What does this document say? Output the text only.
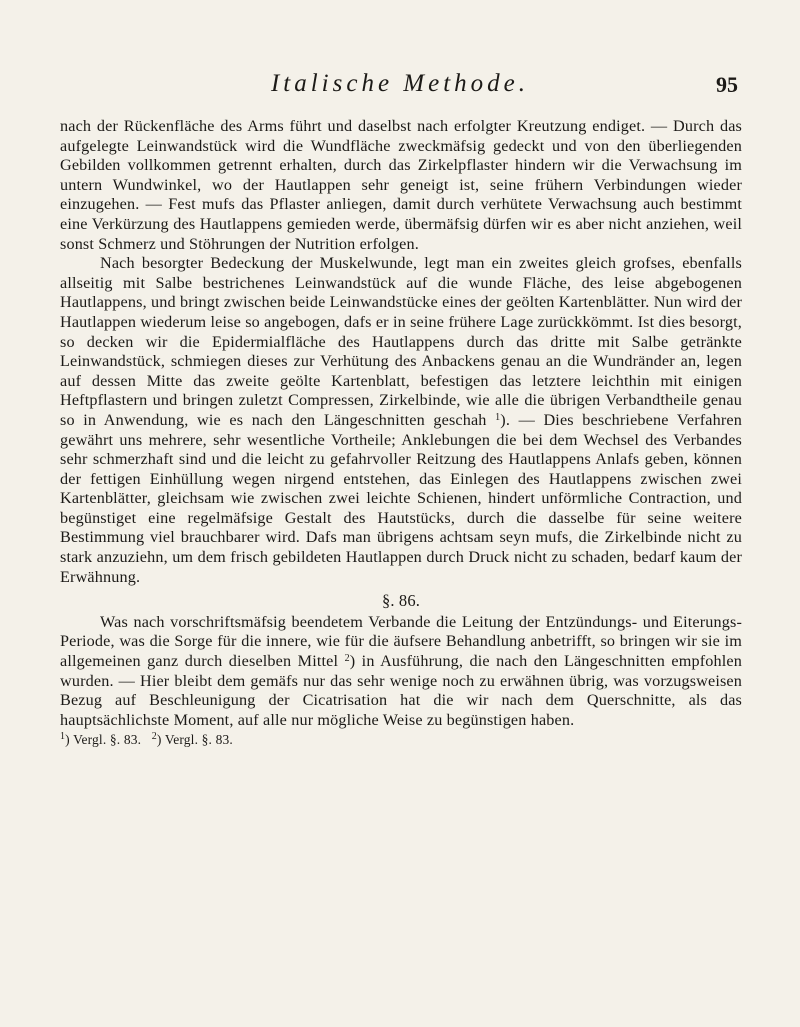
Italische Methode.	95

nach der Rückenfläche des Arms führt und daselbst nach erfolgter Kreutzung endiget. — Durch das aufgelegte Leinwandstück wird die Wundfläche zweckmäfsig gedeckt und von den überliegenden Gebilden vollkommen getrennt erhalten, durch das Zirkelpflaster hindern wir die Verwachsung im untern Wundwinkel, wo der Hautlappen sehr geneigt ist, seine frühern Verbindungen wieder einzugehen. — Fest mufs das Pflaster anliegen, damit durch verhütete Verwachsung auch bestimmt eine Verkürzung des Hautlappens gemieden werde, übermäfsig dürfen wir es aber nicht anziehen, weil sonst Schmerz und Stöhrungen der Nutrition erfolgen.

Nach besorgter Bedeckung der Muskelwunde, legt man ein zweites gleich grofses, ebenfalls allseitig mit Salbe bestrichenes Leinwandstück auf die wunde Fläche, des leise abgebogenen Hautlappens, und bringt zwischen beide Leinwandstücke eines der geölten Kartenblätter. Nun wird der Hautlappen wiederum leise so angebogen, dafs er in seine frühere Lage zurückkömmt. Ist dies besorgt, so decken wir die Epidermialfläche des Hautlappens durch das dritte mit Salbe getränkte Leinwandstück, schmiegen dieses zur Verhütung des Anbackens genau an die Wundränder an, legen auf dessen Mitte das zweite geölte Kartenblatt, befestigen das letztere leichthin mit einigen Heftpflastern und bringen zuletzt Compressen, Zirkelbinde, wie alle die übrigen Verbandtheile genau so in Anwendung, wie es nach den Längeschnitten geschah $^1$). — Dies beschriebene Verfahren gewährt uns mehrere, sehr wesentliche Vortheile; Anklebungen die bei dem Wechsel des Verbandes sehr schmerzhaft sind und die leicht zu gefahrvoller Reitzung des Hautlappens Anlafs geben, können der fettigen Einhüllung wegen nirgend entstehen, das Einlegen des Hautlappens zwischen zwei Kartenblätter, gleichsam wie zwischen zwei leichte Schienen, hindert unförmliche Contraction, und begünstiget eine regelmäfsige Gestalt des Hautstücks, durch die dasselbe für seine weitere Bestimmung viel brauchbarer wird. Dafs man übrigens achtsam seyn mufs, die Zirkelbinde nicht zu stark anzuziehn, um dem frisch gebildeten Hautlappen durch Druck nicht zu schaden, bedarf kaum der Erwähnung.

§. 86.

Was nach vorschriftsmäfsig beendetem Verbande die Leitung der Entzündungs- und Eiterungs-Periode, was die Sorge für die innere, wie für die äufsere Behandlung anbetrifft, so bringen wir sie im allgemeinen ganz durch dieselben Mittel $^2$) in Ausführung, die nach den Längeschnitten empfohlen wurden. — Hier bleibt dem gemäfs nur das sehr wenige noch zu erwähnen übrig, was vorzugsweisen Bezug auf Beschleunigung der Cicatrisation hat die wir nach dem Querschnitte, als das hauptsächlichste Moment, auf alle nur mögliche Weise zu begünstigen haben.

$^1$) Vergl. §. 83. $^2$) Vergl. §. 83.
